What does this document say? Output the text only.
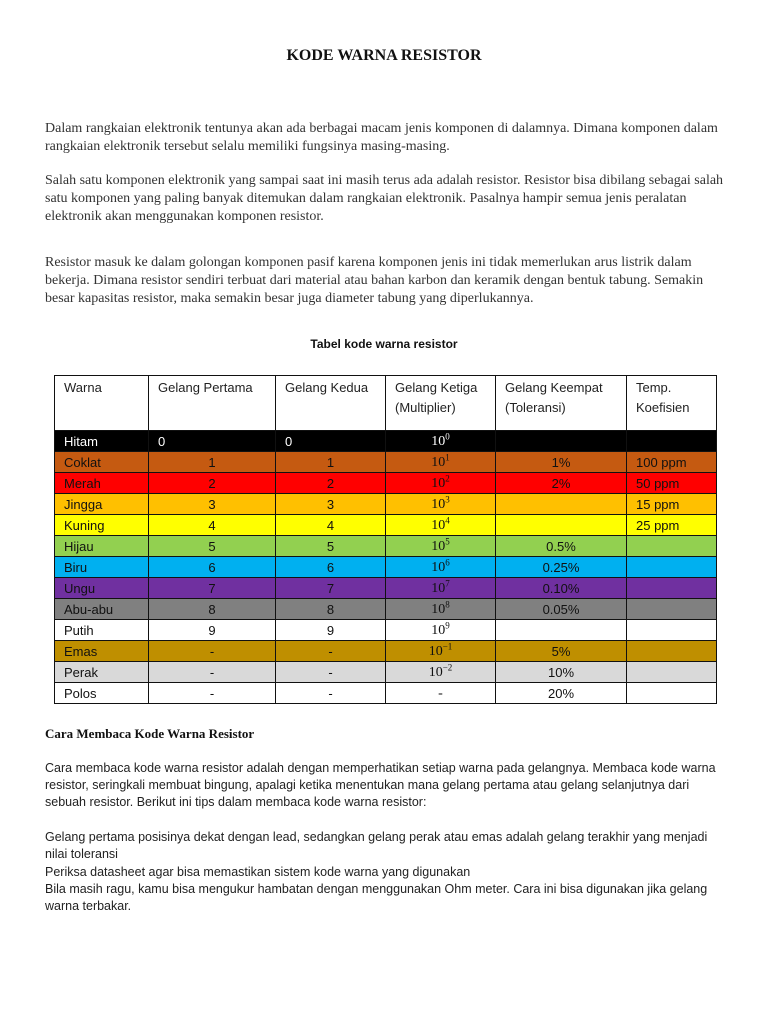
KODE WARNA RESISTOR

Dalam rangkaian elektronik tentunya akan ada berbagai macam jenis komponen di dalamnya. Dimana komponen dalam rangkaian elektronik tersebut selalu memiliki fungsinya masing-masing.

Salah satu komponen elektronik yang sampai saat ini masih terus ada adalah resistor. Resistor bisa dibilang sebagai salah satu komponen yang paling banyak ditemukan dalam rangkaian elektronik. Pasalnya hampir semua jenis peralatan elektronik akan menggunakan komponen resistor.

Resistor masuk ke dalam golongan komponen pasif karena komponen jenis ini tidak memerlukan arus listrik dalam bekerja. Dimana resistor sendiri terbuat dari material atau bahan karbon dan keramik dengan bentuk tabung. Semakin besar kapasitas resistor, maka semakin besar juga diameter tabung yang diperlukannya.

Tabel kode warna resistor
Warna	Gelang Pertama	Gelang Kedua	Gelang Ketiga (Multiplier)	Gelang Keempat (Toleransi)	Temp. Koefisien
Hitam	0	0	$10^0$		
Coklat	1	1	$10^1$	1%	100 ppm
Merah	2	2	$10^2$	2%	50 ppm
Jingga	3	3	$10^3$		15 ppm
Kuning	4	4	$10^4$		25 ppm
Hijau	5	5	$10^5$	0.5%	
Biru	6	6	$10^6$	0.25%	
Ungu	7	7	$10^7$	0.10%	
Abu-abu	8	8	$10^8$	0.05%	
Putih	9	9	$10^9$		
Emas	-	-	$10^{-1}$	5%	
Perak	-	-	$10^{-2}$	10%	
Polos	-	-	-	20%	
Cara Membaca Kode Warna Resistor

Cara membaca kode warna resistor adalah dengan memperhatikan setiap warna pada gelangnya. Membaca kode warna resistor, seringkali membuat bingung, apalagi ketika menentukan mana gelang pertama atau gelang selanjutnya dari sebuah resistor. Berikut ini tips dalam membaca kode warna resistor:

Gelang pertama posisinya dekat dengan lead, sedangkan gelang perak atau emas adalah gelang terakhir yang menjadi nilai toleransi

Periksa datasheet agar bisa memastikan sistem kode warna yang digunakan

Bila masih ragu, kamu bisa mengukur hambatan dengan menggunakan Ohm meter. Cara ini bisa digunakan jika gelang warna terbakar.
